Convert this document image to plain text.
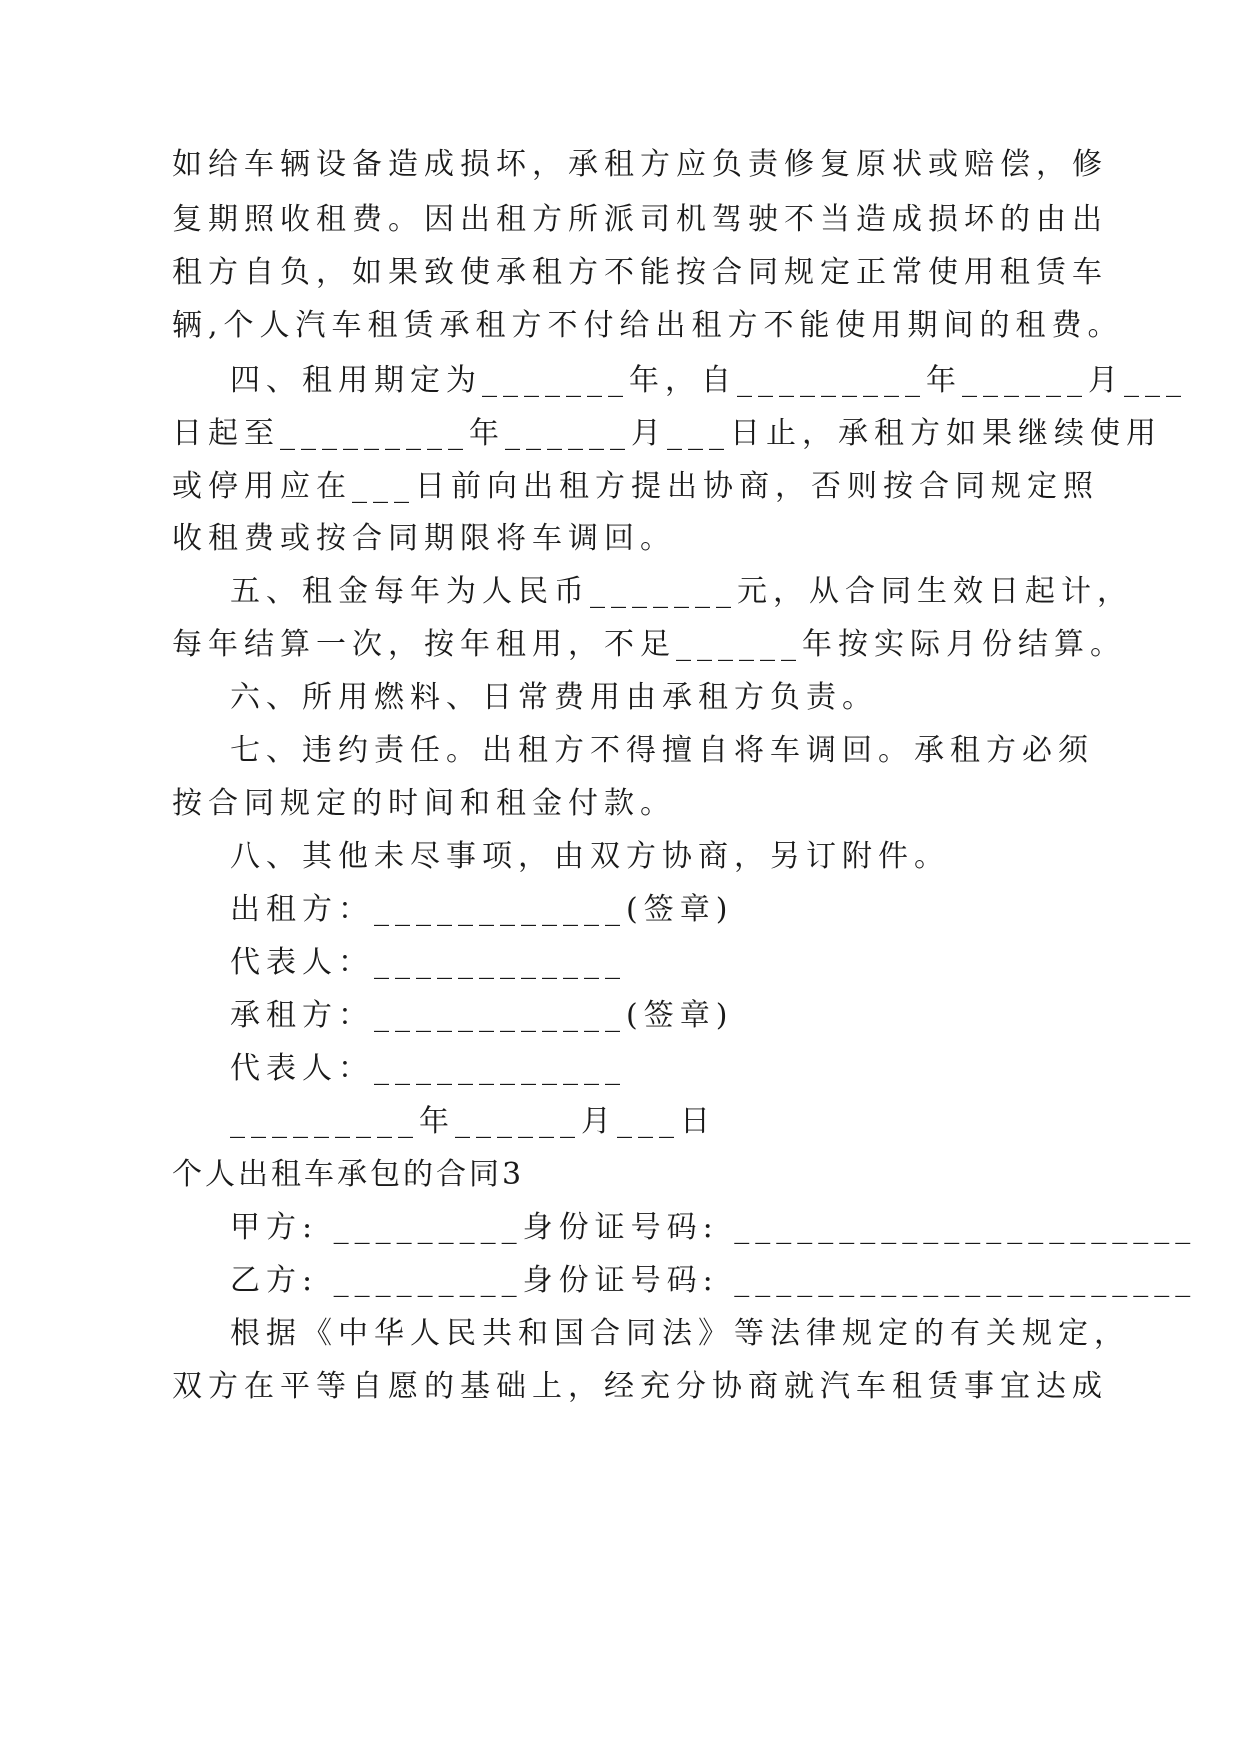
如给车辆设备造成损坏，承租方应负责修复原状或赔偿，修
复期照收租费。因出租方所派司机驾驶不当造成损坏的由出
租方自负，如果致使承租方不能按合同规定正常使用租赁车
辆,个人汽车租赁承租方不付给出租方不能使用期间的租费。
四、租用期定为_______年，自_________年______月___
日起至_________年______月___日止，承租方如果继续使用
或停用应在___日前向出租方提出协商，否则按合同规定照
收租费或按合同期限将车调回。
五、租金每年为人民币_______元，从合同生效日起计，
每年结算一次，按年租用，不足______年按实际月份结算。
六、所用燃料、日常费用由承租方负责。
七、违约责任。出租方不得擅自将车调回。承租方必须
按合同规定的时间和租金付款。
八、其他未尽事项，由双方协商，另订附件。
出租方：____________(签章)
代表人：____________
承租方：____________(签章)
代表人：____________
_________年______月___日
个人出租车承包的合同3
甲方: _________身份证号码: ______________________
乙方: _________身份证号码: ______________________
根据《中华人民共和国合同法》等法律规定的有关规定，
双方在平等自愿的基础上，经充分协商就汽车租赁事宜达成
